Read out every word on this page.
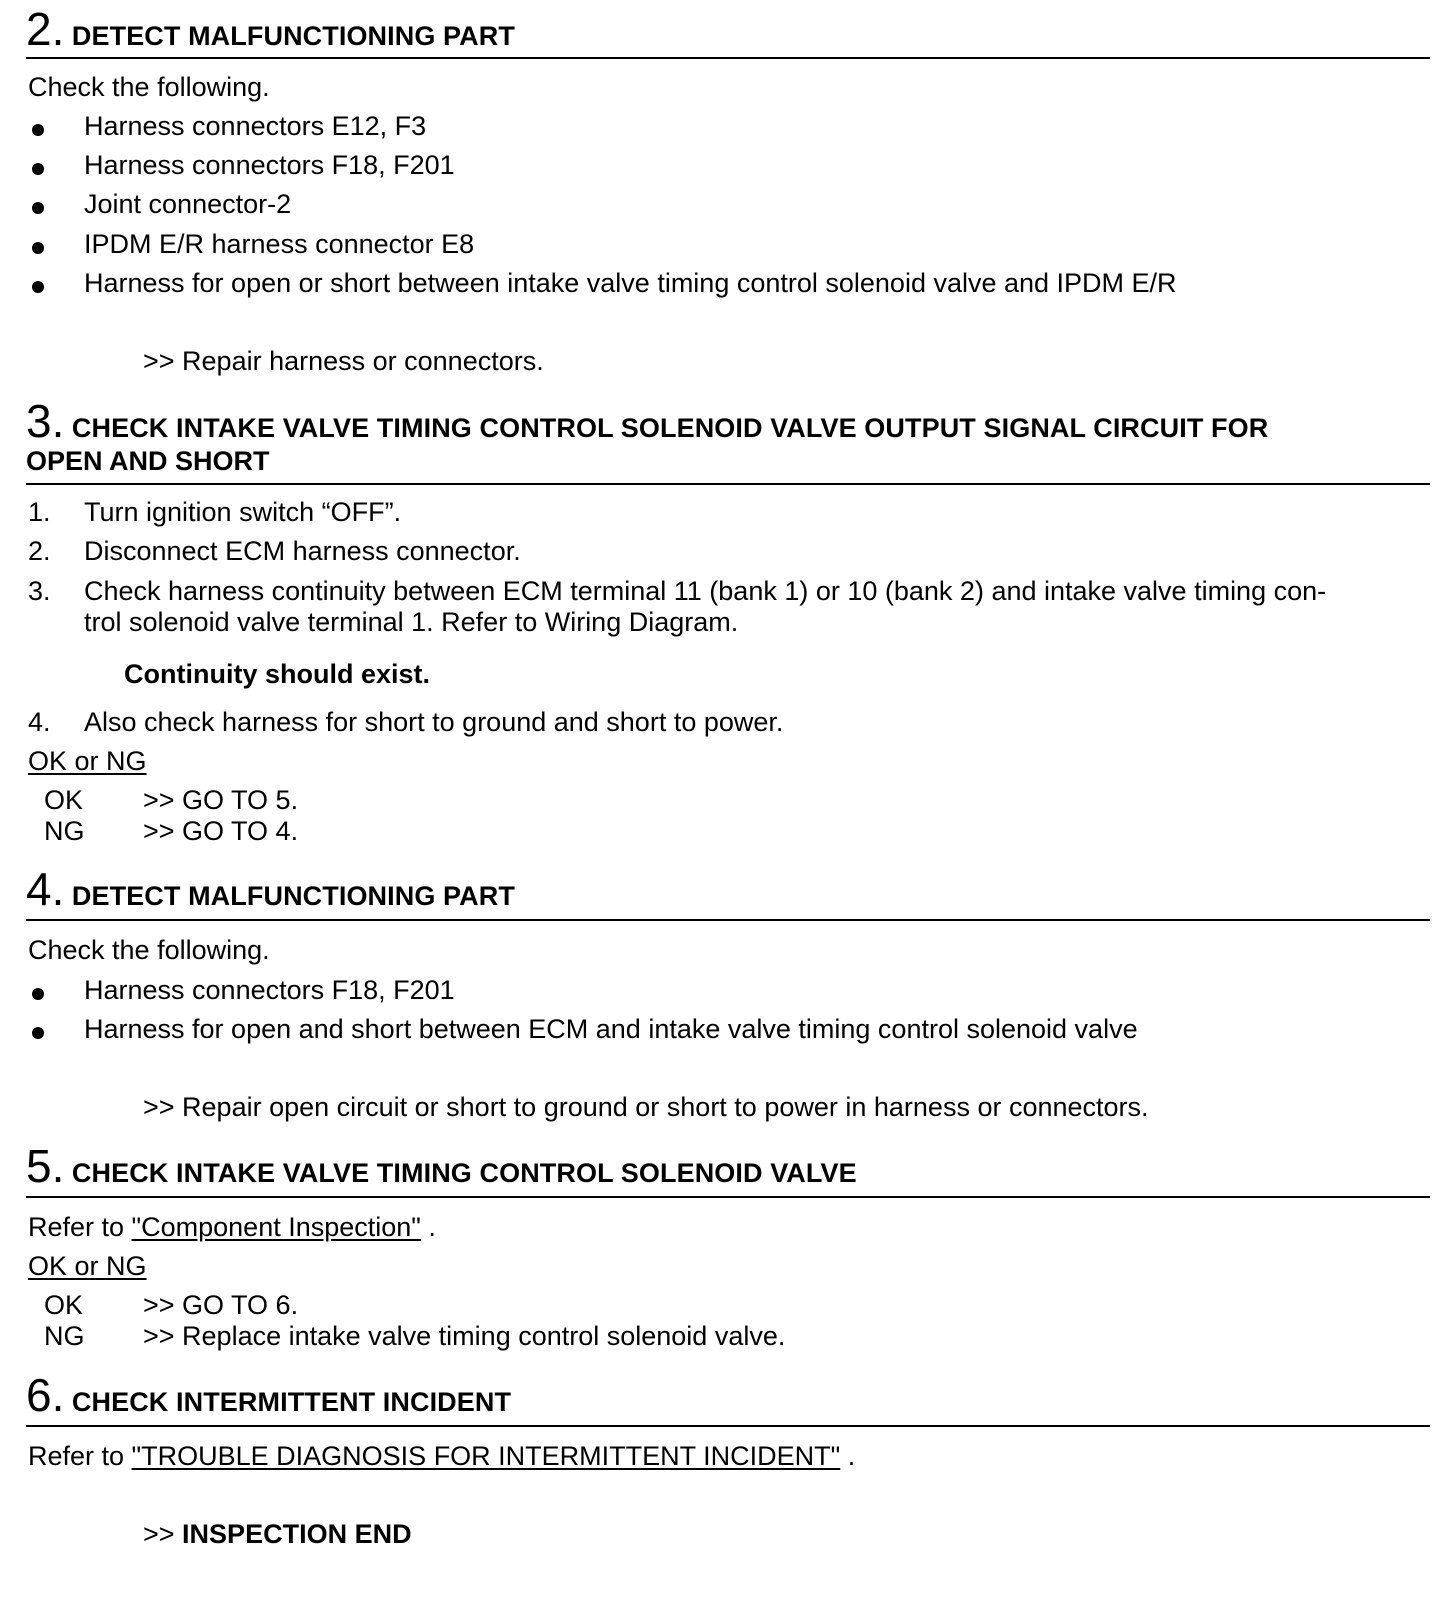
2. DETECT MALFUNCTIONING PART
Check the following.
Harness connectors E12, F3
Harness connectors F18, F201
Joint connector-2
IPDM E/R harness connector E8
Harness for open or short between intake valve timing control solenoid valve and IPDM E/R
>> Repair harness or connectors.
3. CHECK INTAKE VALVE TIMING CONTROL SOLENOID VALVE OUTPUT SIGNAL CIRCUIT FOR
OPEN AND SHORT
1. Turn ignition switch “OFF”.
2. Disconnect ECM harness connector.
3. Check harness continuity between ECM terminal 11 (bank 1) or 10 (bank 2) and intake valve timing con-
trol solenoid valve terminal 1. Refer to Wiring Diagram.
Continuity should exist.
4. Also check harness for short to ground and short to power.
OK or NG
OK >> GO TO 5.
NG >> GO TO 4.
4. DETECT MALFUNCTIONING PART
Check the following.
Harness connectors F18, F201
Harness for open and short between ECM and intake valve timing control solenoid valve
>> Repair open circuit or short to ground or short to power in harness or connectors.
5. CHECK INTAKE VALVE TIMING CONTROL SOLENOID VALVE
Refer to "Component Inspection" .
OK or NG
OK >> GO TO 6.
NG >> Replace intake valve timing control solenoid valve.
6. CHECK INTERMITTENT INCIDENT
Refer to "TROUBLE DIAGNOSIS FOR INTERMITTENT INCIDENT" .
>> INSPECTION END
